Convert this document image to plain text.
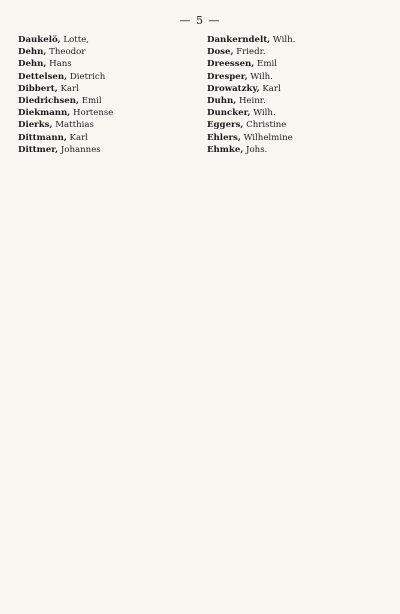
— 5 —
Daukelö, Lotte,
Dehn, Theodor
Dehn, Hans
Dettelsen, Dietrich
Dibbert, Karl
Diedrichsen, Emil
Diekmann, Hortense
Dierks, Matthias
Dittmann, Karl
Dittmer, Johannes
Dankerndelt, Wilh.
Dose, Friedr.
Dreessen, Emil
Dresper, Wilh.
Drowatzky, Karl
Duhn, Heinr.
Duncker, Wilh.
Eggers, Christine
Ehlers, Wilhelmine
Ehmke, Johs.
